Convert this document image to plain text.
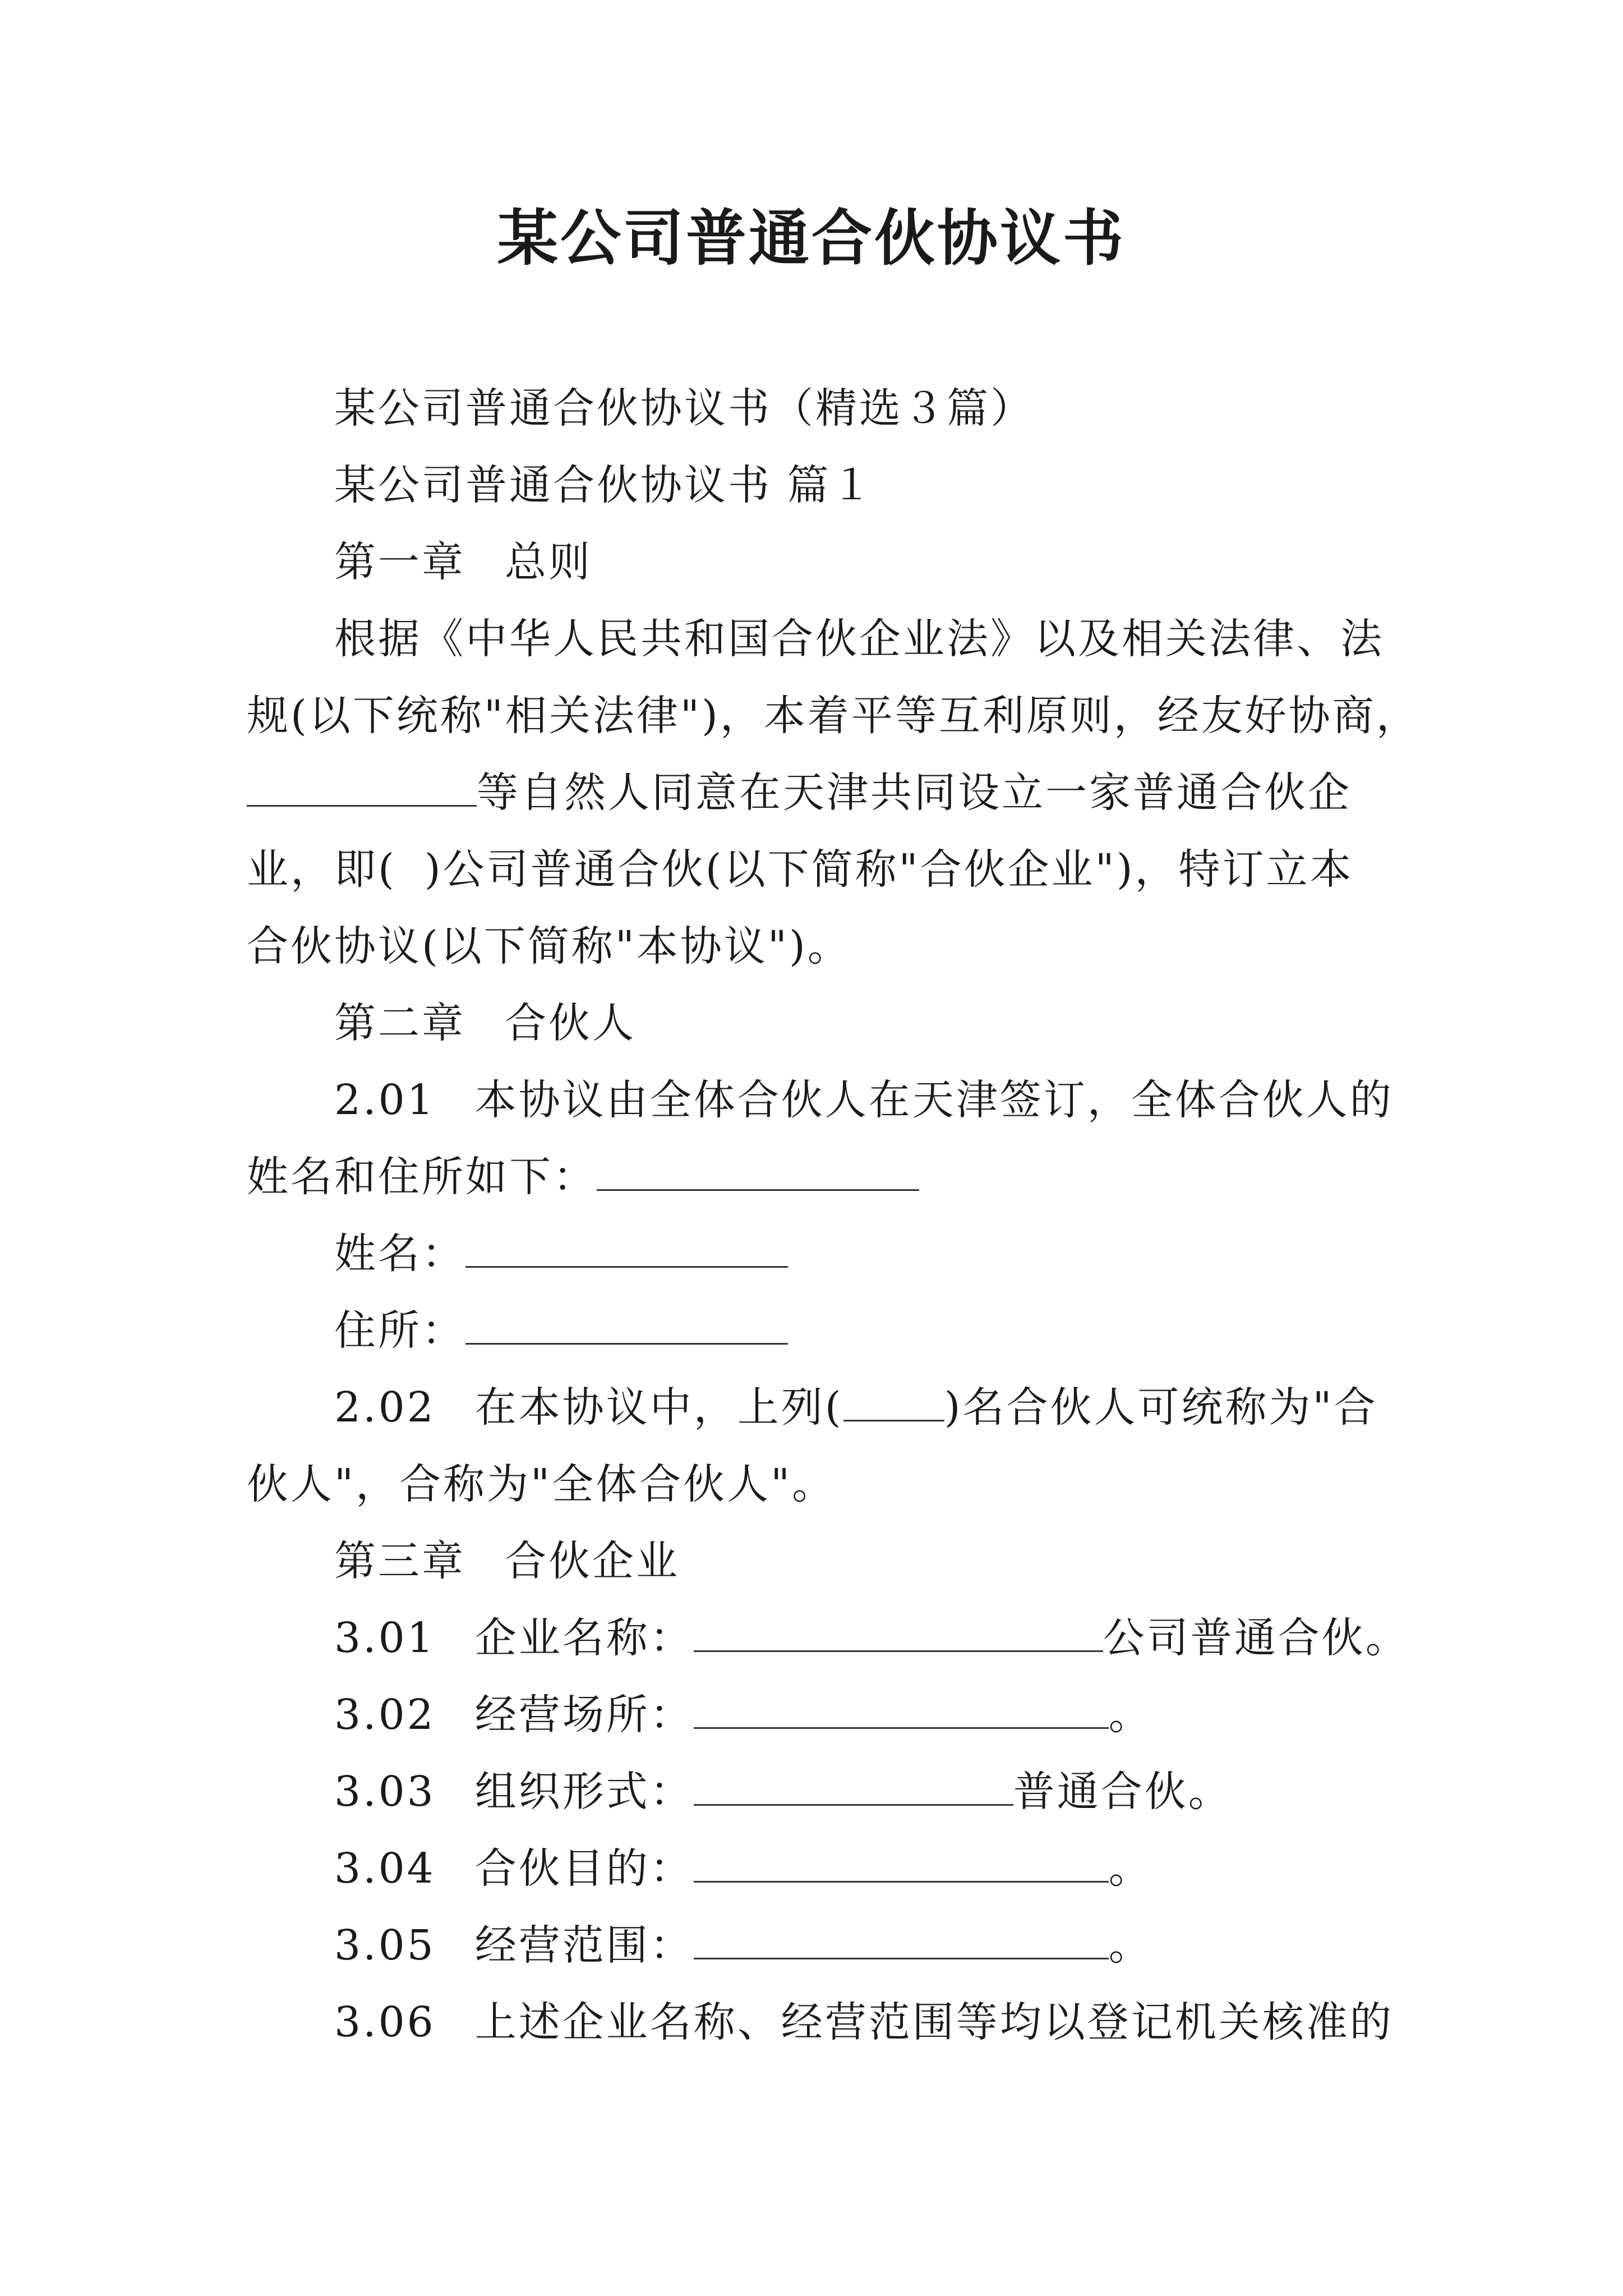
某公司普通合伙协议书

某公司普通合伙协议书（精选３篇）

某公司普通合伙协议书 篇１

第一章 总则

根据《中华人民共和国合伙企业法》以及相关法律、法

规(以下统称"相关法律")，本着平等互利原则，经友好协商，

等自然人同意在天津共同设立一家普通合伙企

业，即( )公司普通合伙(以下简称"合伙企业")，特订立本

合伙协议(以下简称"本协议")。

第二章 合伙人

2.01 本协议由全体合伙人在天津签订，全体合伙人的

姓名和住所如下：

姓名：

住所：

2.02 在本协议中，上列( )名合伙人可统称为"合

伙人"，合称为"全体合伙人"。

第三章 合伙企业

3.01 企业名称：	公司普通合伙。

3.02 经营场所：	。

3.03 组织形式：	普通合伙。

3.04 合伙目的：	。

3.05 经营范围：	。

3.06 上述企业名称、经营范围等均以登记机关核准的
